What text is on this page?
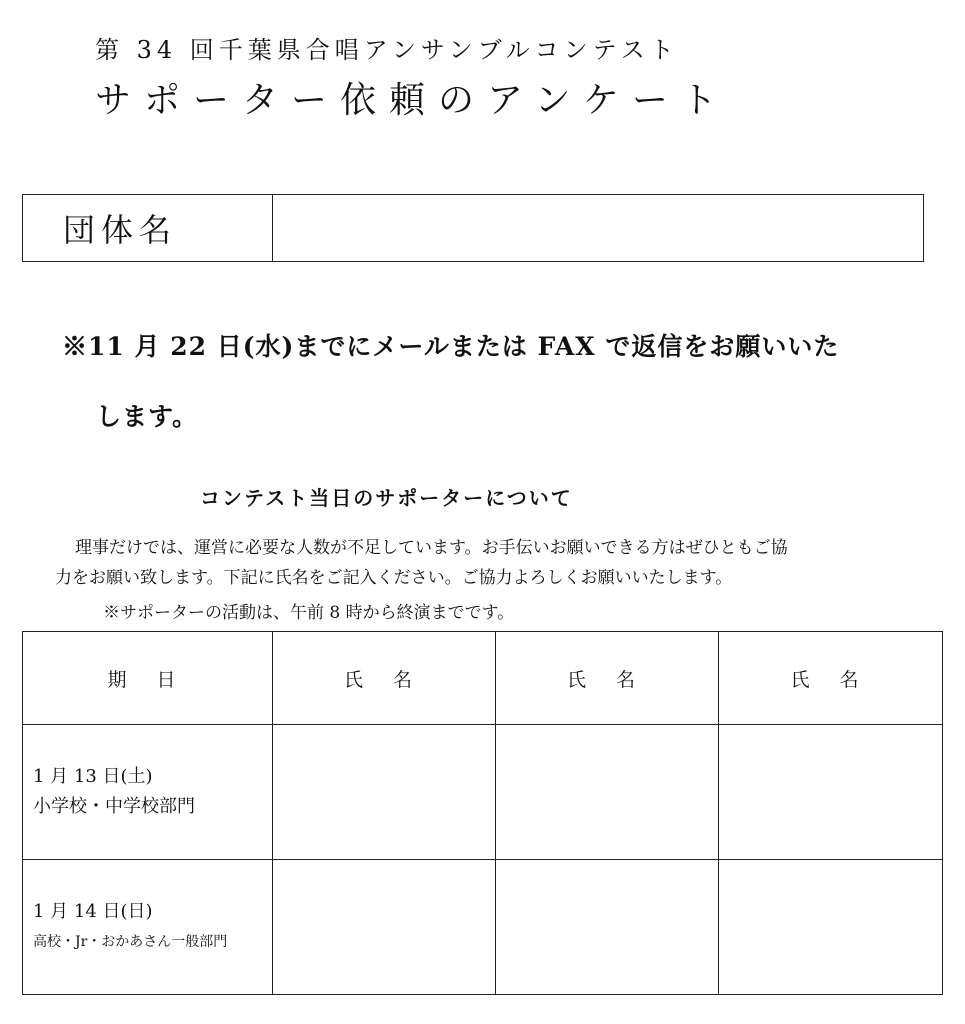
第 34 回千葉県合唱アンサンブルコンテスト
サポーター依頼のアンケート
団体名
※11 月 22 日(水)までにメールまたは FAX で返信をお願いいた
します。
コンテスト当日のサポーターについて
理事だけでは、運営に必要な人数が不足しています。お手伝いお願いできる方はぜひともご協
力をお願い致します。下記に氏名をご記入ください。ご協力よろしくお願いいたします。
※サポーターの活動は、午前 8 時から終演までです。
期 日	氏 名	氏 名	氏 名

1 月 13 日(土)
小学校・中学校部門			

1 月 14 日(日)
高校・Jr・おかあさん一般部門			
